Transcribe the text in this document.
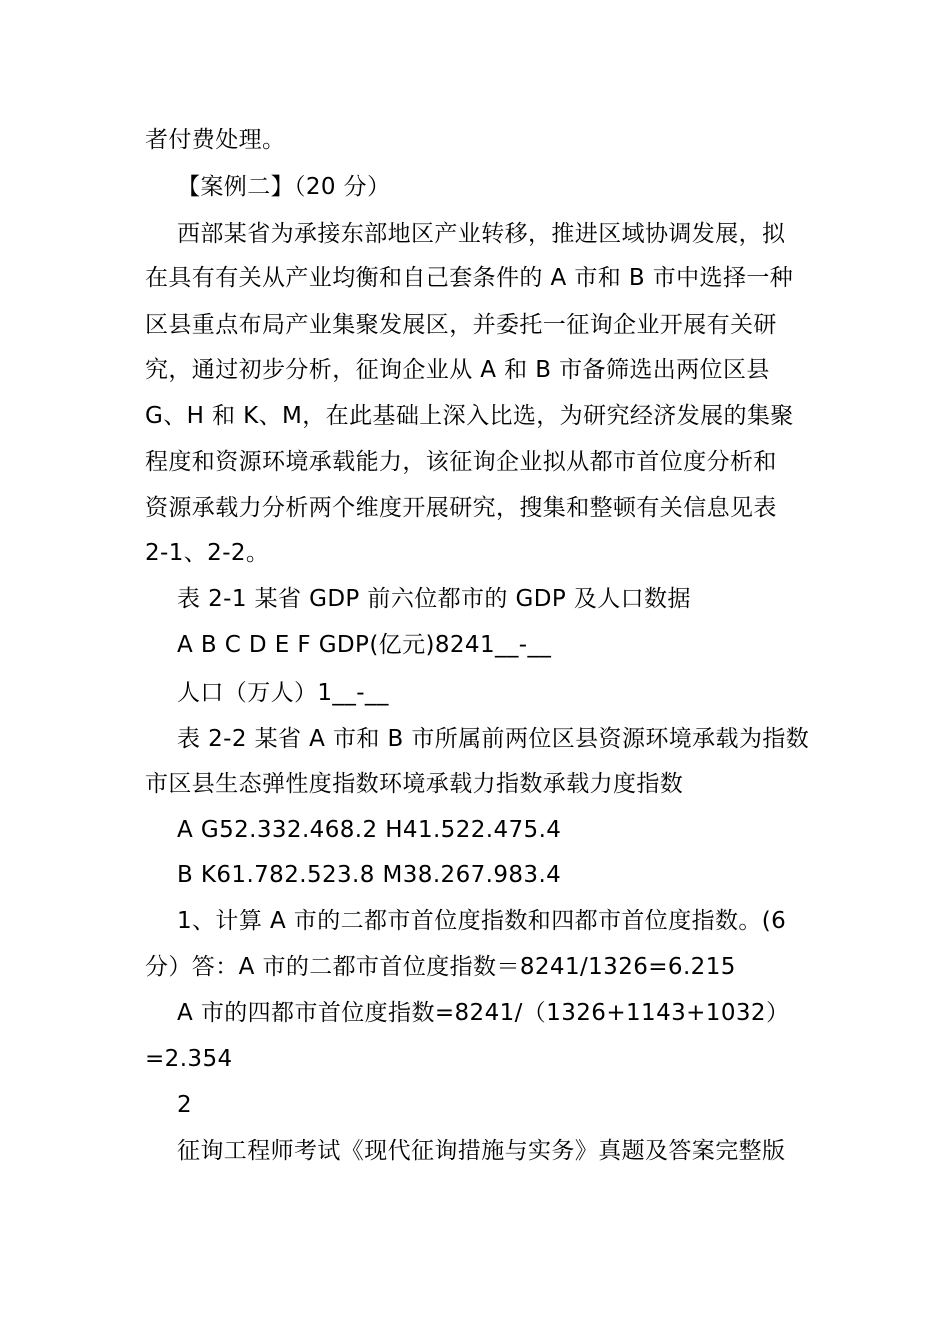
者付费处理。
【案例二】（20 分）
西部某省为承接东部地区产业转移，推进区域协调发展，拟
在具有有关从产业均衡和自己套条件的 A 市和 B 市中选择一种
区县重点布局产业集聚发展区，并委托一征询企业开展有关研
究，通过初步分析，征询企业从 A 和 B 市备筛选出两位区县
G、H 和 K、M，在此基础上深入比选，为研究经济发展的集聚
程度和资源环境承载能力，该征询企业拟从都市首位度分析和
资源承载力分析两个维度开展研究，搜集和整顿有关信息见表
2-1、2-2。
表 2-1 某省 GDP 前六位都市的 GDP 及人口数据
A B C D E F GDP(亿元)8241__-__
人口（万人）1__-__
表 2-2 某省 A 市和 B 市所属前两位区县资源环境承载为指数
市区县生态弹性度指数环境承载力指数承载力度指数
A G52.332.468.2 H41.522.475.4
B K61.782.523.8 M38.267.983.4
1、计算 A 市的二都市首位度指数和四都市首位度指数。(6
分）答：A 市的二都市首位度指数＝8241/1326=6.215
A 市的四都市首位度指数=8241/（1326+1143+1032）
=2.354
2
征询工程师考试《现代征询措施与实务》真题及答案完整版
